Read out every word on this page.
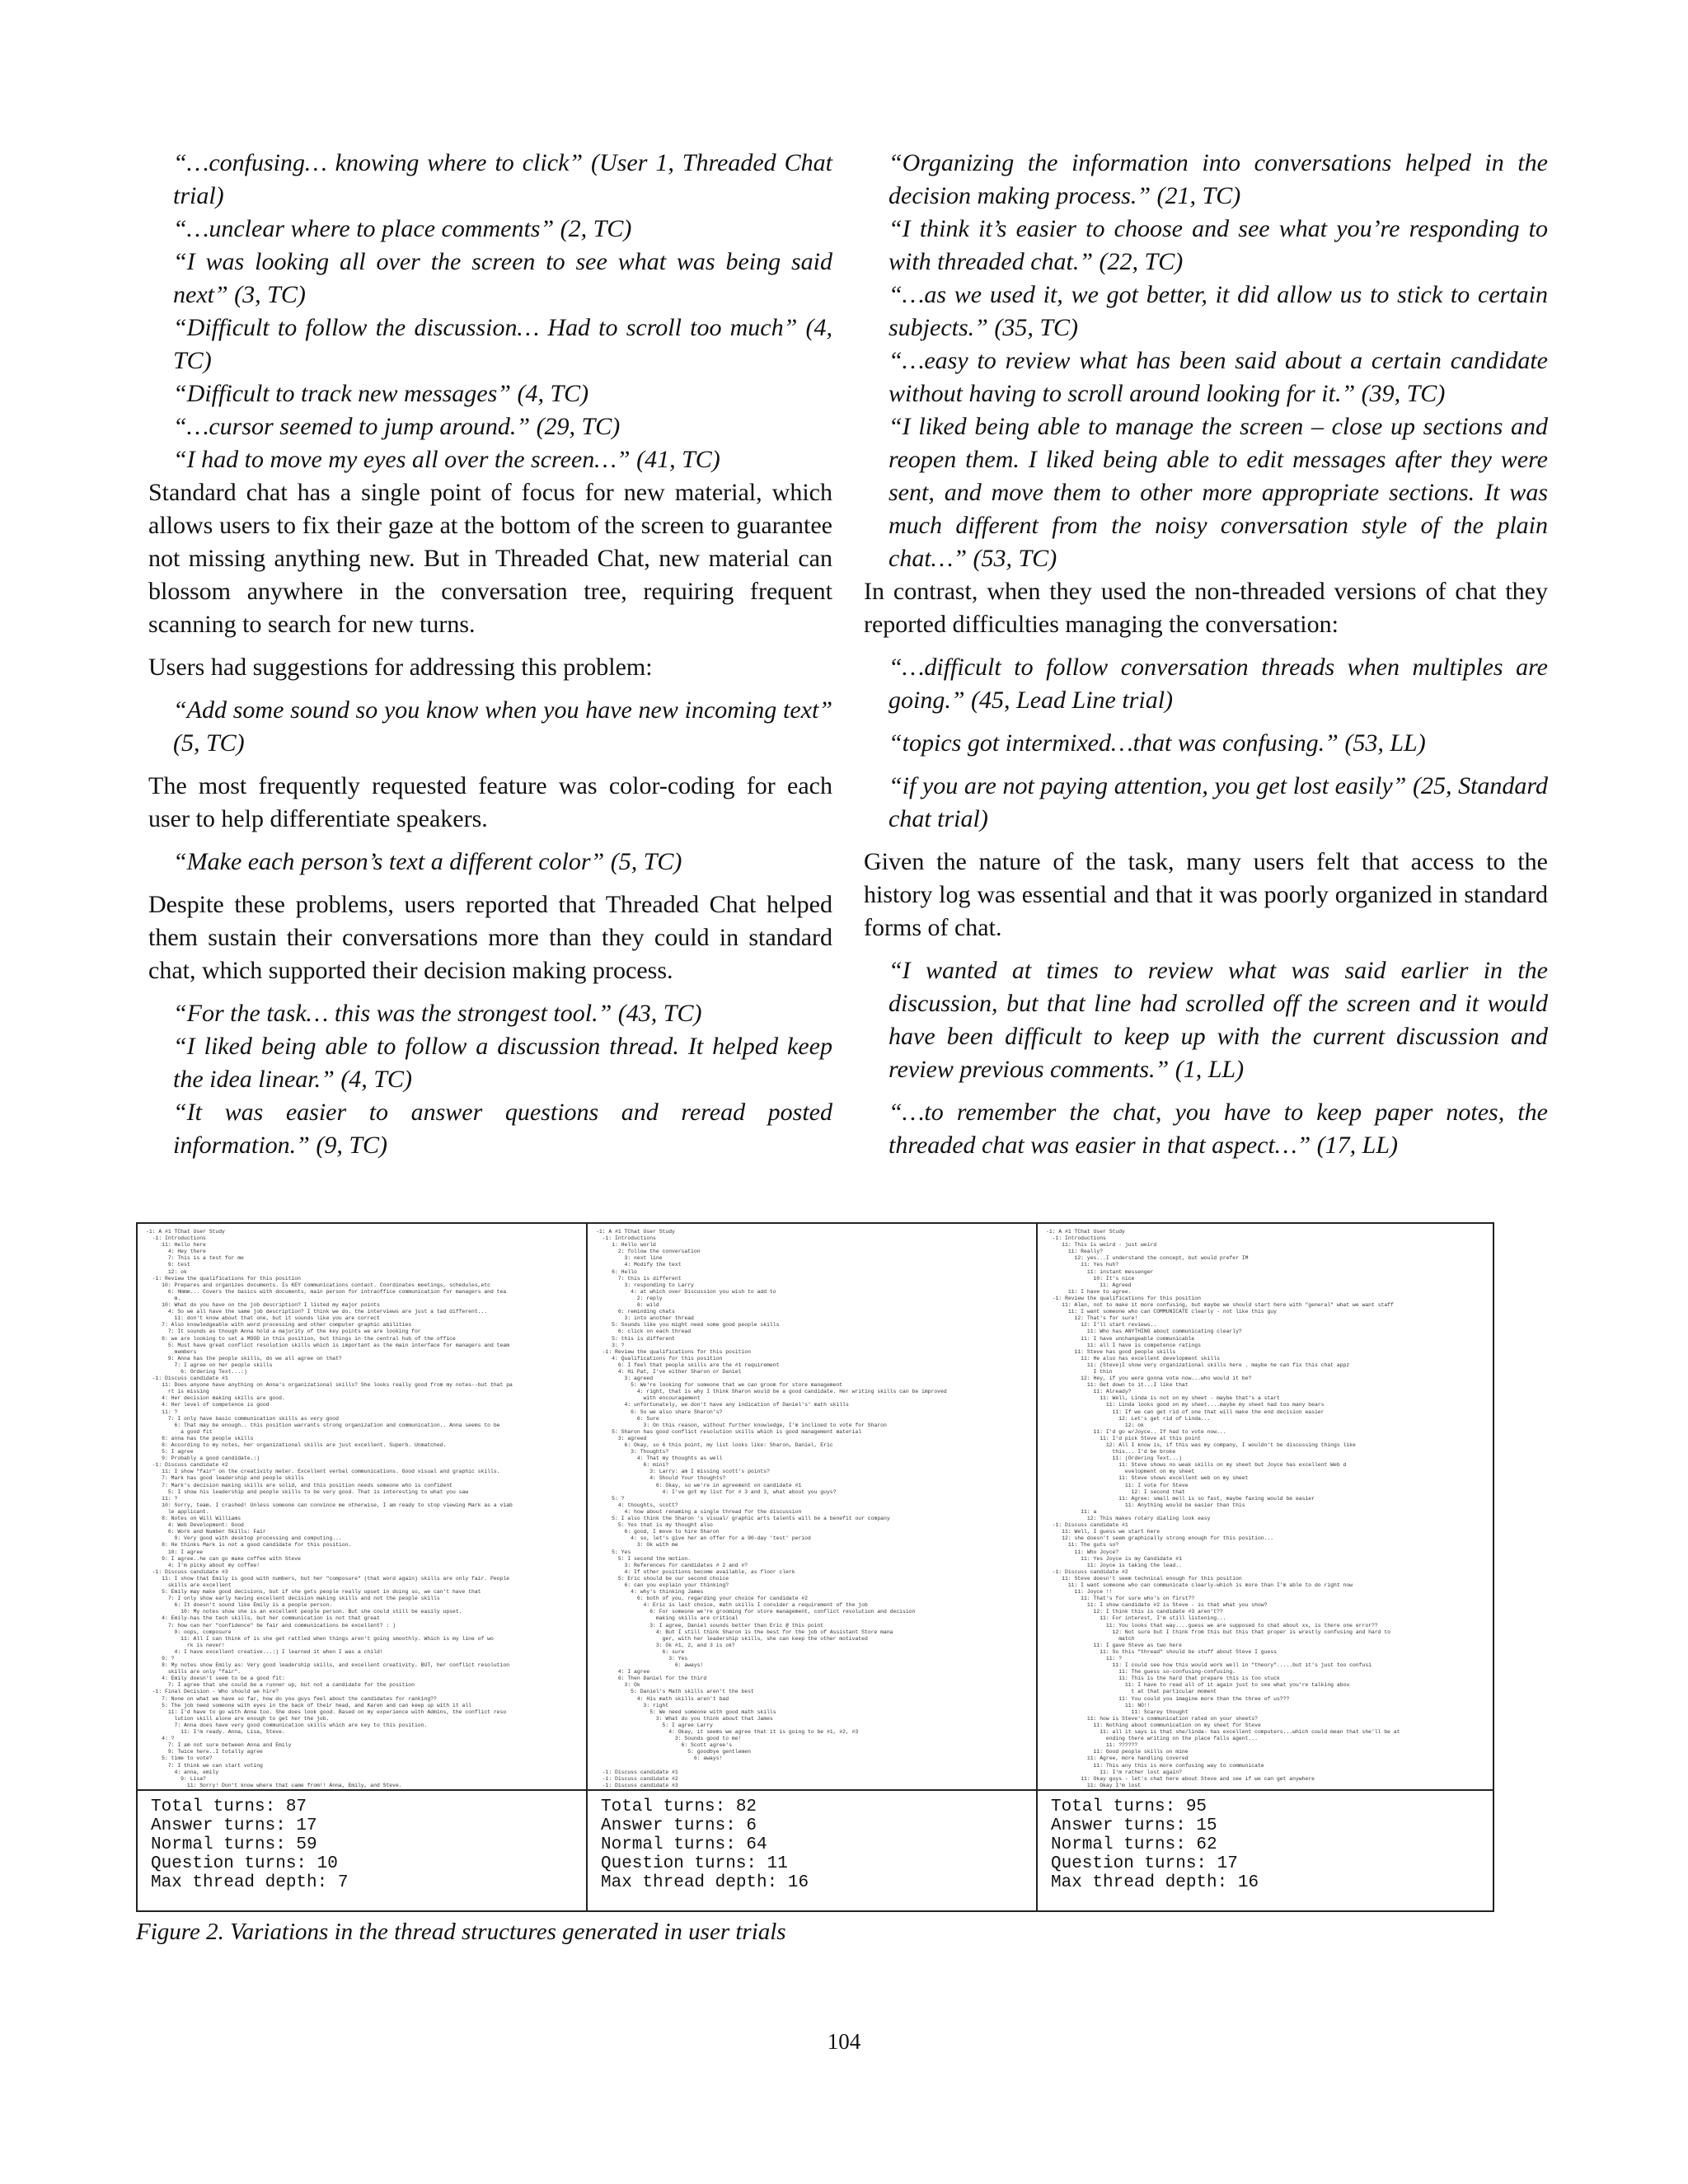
“…confusing… knowing where to click” (User 1, Threaded Chat trial)

“…unclear where to place comments” (2, TC)

“I was looking all over the screen to see what was being said next” (3, TC)

“Difficult to follow the discussion… Had to scroll too much” (4, TC)

“Difficult to track new messages” (4, TC)

“…cursor seemed to jump around.” (29, TC)

“I had to move my eyes all over the screen…” (41, TC)

Standard chat has a single point of focus for new material, which allows users to fix their gaze at the bottom of the screen to guarantee not missing anything new. But in Threaded Chat, new material can blossom anywhere in the conversation tree, requiring frequent scanning to search for new turns.

Users had suggestions for addressing this problem:

“Add some sound so you know when you have new incoming text” (5, TC)

The most frequently requested feature was color-coding for each user to help differentiate speakers.

“Make each person’s text a different color” (5, TC)

Despite these problems, users reported that Threaded Chat helped them sustain their conversations more than they could in standard chat, which supported their decision making process.

“For the task… this was the strongest tool.” (43, TC)

“I liked being able to follow a discussion thread. It helped keep the idea linear.” (4, TC)

“It was easier to answer questions and reread posted information.” (9, TC)

“Organizing the information into conversations helped in the decision making process.” (21, TC)

“I think it’s easier to choose and see what you’re responding to with threaded chat.” (22, TC)

“…as we used it, we got better, it did allow us to stick to certain subjects.” (35, TC)

“…easy to review what has been said about a certain candidate without having to scroll around looking for it.” (39, TC)

“I liked being able to manage the screen – close up sections and reopen them. I liked being able to edit messages after they were sent, and move them to other more appropriate sections. It was much different from the noisy conversation style of the plain chat…” (53, TC)

In contrast, when they used the non-threaded versions of chat they reported difficulties managing the conversation:

“…difficult to follow conversation threads when multiples are going.” (45, Lead Line trial)

“topics got intermixed…that was confusing.” (53, LL)

“if you are not paying attention, you get lost easily” (25, Standard chat trial)

Given the nature of the task, many users felt that access to the history log was essential and that it was poorly organized in standard forms of chat.

“I wanted at times to review what was said earlier in the discussion, but that line had scrolled off the screen and it would have been difficult to keep up with the current discussion and review previous comments.” (1, LL)

“…to remember the chat, you have to keep paper notes, the threaded chat was easier in that aspect…” (17, LL)

-1: A #1 TChat User Study
-1: Introductions
11: Hello here
4: Hey there
7: This is a test for me
9: test
12: ok
-1: Review the qualifications for this position
10: Prepares and organizes documents. Is KEY communications contact. Coordinates meetings, schedules,etc
6: Hmmm... Covers the basics with documents, main person for intraoffice communication for managers and tea
m.
10: What do you have on the job description? I listed my major points
4: So we all have the same job description? I think we do. the interviews are just a tad different...
11: don't know about that one, but it sounds like you are correct
7: Also knowledgeable with word processing and other computer graphic abilities
7: It sounds as though Anna hold a majority of the key points we are looking for
8: we are looking to set a MOOD in this position, but things in the central hub of the office
5: Must have great conflict resolution skills which is important as the main interface for managers and team
members
9: Anna has the people skills, do we all agree on that?
7: I agree on her people skills
6: Ordering Text...:)
-1: Discuss candidate #1
11: Does anyone have anything on Anna's organizational skills? She looks really good from my notes--but that pa
rt is missing
4: Her decision making skills are good.
4: Her level of competence is good
11: ?
7: I only have basic communication skills as very good
6: That may be enough.. this position warrants strong organization and communication.. Anna seems to be
a good fit
8: anna has the people skills
8: According to my notes, her organizational skills are just excellent. Superb. Unmatched.
5: I agree
9: Probably a good candidate.:)
-1: Discuss candidate #2
11: I show "fair" on the creativity meter. Excellent verbal communications. Good visual and graphic skills.
7: Mark has good leadership and people skills
7: Mark's decision making skills are solid, and this position needs someone who is confident
5: I show his leadership and people skills to be very good. That is interesting to what you saw
11: ?
10: Sorry, team. I crashed! Unless someone can convince me otherwise, I am ready to stop viewing Mark as a viab
le applicant.
8: Notes on Will Williams
4: Web Development: Good
6: Work and Number Skills: Fair
9: Very good with desktop processing and computing...
8: He thinks Mark is not a good candidate for this position.
10: I agree
9: I agree..he can go make coffee with Steve
4: I'm picky about my coffee!
-1: Discuss candidate #3
11: I show that Emily is good with numbers, but her "composure" (that word again) skills are only fair. People
skills are excellent
5: Emily may make good decisions, but if she gets people really upset in doing so, we can't have that
7: I only show early having excellent decision making skills and not the people skills
6: It doesn't sound like Emily is a people person.
10: My notes show she is an excellent people person. But she could still be easily upset.
4: Emily-has the tech skills, but her communication is not that great
7: how can her "confidence" be fair and communications be excellent? : )
9: oops, composure
11: All I can think of is she get rattled when things aren't going smoothly. Which is my line of wo
rk is never!
4: I have excellent creative...:) I learned it when I was a child!
9: ?
8: My notes show Emily as: Very good leadership skills, and excellent creativity. BUT, her conflict resolution
skills are only "fair".
4: Emily doesn't seem to be a good fit:
7: I agree that she could be a runner up, but not a candidate for the position
-1: Final Decision - Who should we hire?
7: None on what we have so far, how do you guys feel about the candidates for ranking??
5: The job need someone with eyes in the back of their head, and Karen and can keep up with it all
11: I'd have to go with Anna too. She does look good. Based on my experience with Admins, the conflict reso
lution skill alone are enough to get her the job.
7: Anna does have very good communication skills which are key to this position.
11: I'm ready. Anna, Lisa, Steve.
4: ?
7: I am not sure between Anna and Emily
9: Twice here..I totally agree
5: time to vote?
7: I think we can start voting
4: anna, emily
9: Lisa?
11: Sorry! Don't know where that came from!! Anna, Emily, and Steve.
Total turns: 87
Answer turns: 17
Normal turns: 59
Question turns: 10
Max thread depth: 7
-1: A #1 TChat User Study
-1: Introductions
1: Hello world
2: follow the conversation
3: next line
4: Modify the text
6: Hello
7: this is different
3: responding to Larry
4: at which over Discussion you wish to add to
2: reply
6: wild
6: reminding chats
3: into another thread
5: Sounds like you might need some good people skills
6: click on each thread
5: this is different
3: ?
-1: Review the qualifications for this position
4: Qualifications for this position
6: I feel that people skills are the #1 requirement
4: Hi Pat, I've either Sharon or Daniel
3: agreed
5: We're looking for someone that we can groom for store management
4: right, that is why I think Sharon would be a good candidate. Her writing skills can be improved
with encouragement
4: unfortunately, we don't have any indication of Daniel's' math skills
6: So we also share Sharon's?
6: Sure
3: On this reason, without further knowledge, I'm inclined to vote for Sharon
5: Sharon has good conflict resolution skills which is good management material
3: agreed
6: Okay, so 6 this point, my list looks like: Sharon, Daniel, Eric
3: Thoughts?
4: That my thoughts as well
6: mini?
3: Larry: am I missing scott's points?
4: Should Your thoughts?
6: Okay, so we're in agreement on candidate #1
4: I've got my list for # 3 and 3, what about you guys?
5: ?
4: thoughts, scott?
4: how about renaming a single thread for the discussion
5: I also think the Sharon 's visual/ graphic arts talents will be a benefit our company
5: Yes that is my thought also
6: good, I move to hire Sharon
4: so, let's give her an offer for a 90-day 'test' period
3: Ok with me
5: Yes
5: I second the motion.
3: References for candidates # 2 and #?
4: If other positions become available, as floor clerk
5: Eric should be our second choice
6: can you explain your thinking?
4: why's thinking James
6: both of you, regarding your choice for candidate #2
4: Eric is last choice, math skills I consider a requirement of the job
6: For someone we're grooming for store management, conflict resolution and decision
making skills are critical
3: I agree, Daniel sounds better than Eric @ this point
4: But I still think Sharon is the best for the job of Assistant Store mana
ger, with her leadership skills, she can keep the other motivated
3: Ok #1, 2, and 3 is ok?
6: sure
3: Yes
6: aways!
4: I agree
6: Then Daniel for the third
3: Ok
5: Daniel's Math skills aren't the best
4: His math skills aren't bad
3: right
5: We need someone with good math skills
3: What do you think about that James
5: I agree Larry
4: Okay, it seems we agree that it is going to be #1, #2, #3
3: Sounds good to me!
6: Scott agree's
5: goodbye gentlemen
6: aways!

-1: Discuss candidate #1
-1: Discuss candidate #2
-1: Discuss candidate #3
Total turns: 82
Answer turns: 6
Normal turns: 64
Question turns: 11
Max thread depth: 16
-1: A #1 TChat User Study
-1: Introductions
11: This is weird - just weird
11: Really?
12: yes...I understand the concept, but would prefer IM
11: Yes huh?
11: instant messenger
10: It's nice
11: Agreed
11: I have to agree.
-1: Review the qualifications for this position
11: Alan, not to make it more confusing, but maybe we should start here with "general" what we want staff
11: I want someone who can COMMUNICATE clearly - not like this guy
12: That's for sure!
12: I'll start reviews..
11: Who has ANYTHING about communicating clearly?
11: I have unchangeable communicable
11: all I have is competence ratings
11: Steve has good people skills
11: He also has excellent development skills
11: (Steve)I show very organizational skills here . maybe he can fix this chat appz
I thin
12: Hey, if you were gonna vote now...who would it be?
11: Get down to it...I like that
11: Already?
11: Well, Linda is not on my sheet - maybe that's a start
11: Linda looks good on my sheet....maybe my sheet had too many bears
11: If we can get rid of one that will make the end decision easier
12: Let's get rid of Linda...
12: ok
11: I'd go w/Joyce.. If had to vote now...
11: I'd pick Steve at this point
12: All I know is, if this was my company, I wouldn't be discussing things like
this... I'd be broke
11: (Ordering Text...)
11: Steve shows no weak skills on my sheet but Joyce has excellent Web d
evelopment on my sheet
11: Steve shows excellent web on my sheet
11: I vote for Steve
12: I second that
11: Agree: small mell is so fast, maybe faxing would be easier
11: Anything would be easier than this
11: a
12: This makes rotary dialing look easy
-1: Discuss candidate #1
11: Well, I guess we start here
12: she doesn't seem graphically strong enough for this position...
11: The guts so?
11: Who Joyce?
11: Yes Joyce is my Candidate #1
11: Joyce is taking the lead..
-1: Discuss candidate #2
11: Steve doesn't seem technical enough for this position
11: I want someone who can communicate clearly-which is more than I'm able to do right now
11: Joyce !!
11: That's for sure who's on first??
11: I show candidate #2 is Steve - is that what you show?
12: I think this is candidate #3 aren't??
11: For interest, I'm still listening...
11: You looks that way....guess we are supposed to chat about xx, is there one error??
12: Not sure but I think from this but this that proper is wrestly confusing and hard to
match
11: I gave Steve as two here
11: So this "thread" should be stuff about Steve I guess
11: ?
11: I could see how this would work well in "theory".....but it's just too confusi
11: The guess so-confusing-confusing.
11: This is the hard that prepare this is too stuck
11: I have to read all of it again just to see what you're talking abou
t at that particular moment
11: You could you imagine more than the three of us???
11: NO!!
11: Scarey thought
11: how is Steve's communication rated on your sheets?
11: Nothing about communication on my sheet for Steve
11: all it says is that she/linda- has excellent computers...which could mean that she'll be at
ending there writing on the place falls agent...
11: ??????
11: Good people skills on mine
11: Agree, more handling covered
11: This any this is more confusing way to communicate
11: I'm rather lost again?
11: Okay guys - let's chat here about Steve and see if we can get anywhere
11: Okay I'm lost
Total turns: 95
Answer turns: 15
Normal turns: 62
Question turns: 17
Max thread depth: 16
Figure 2. Variations in the thread structures generated in user trials
104
